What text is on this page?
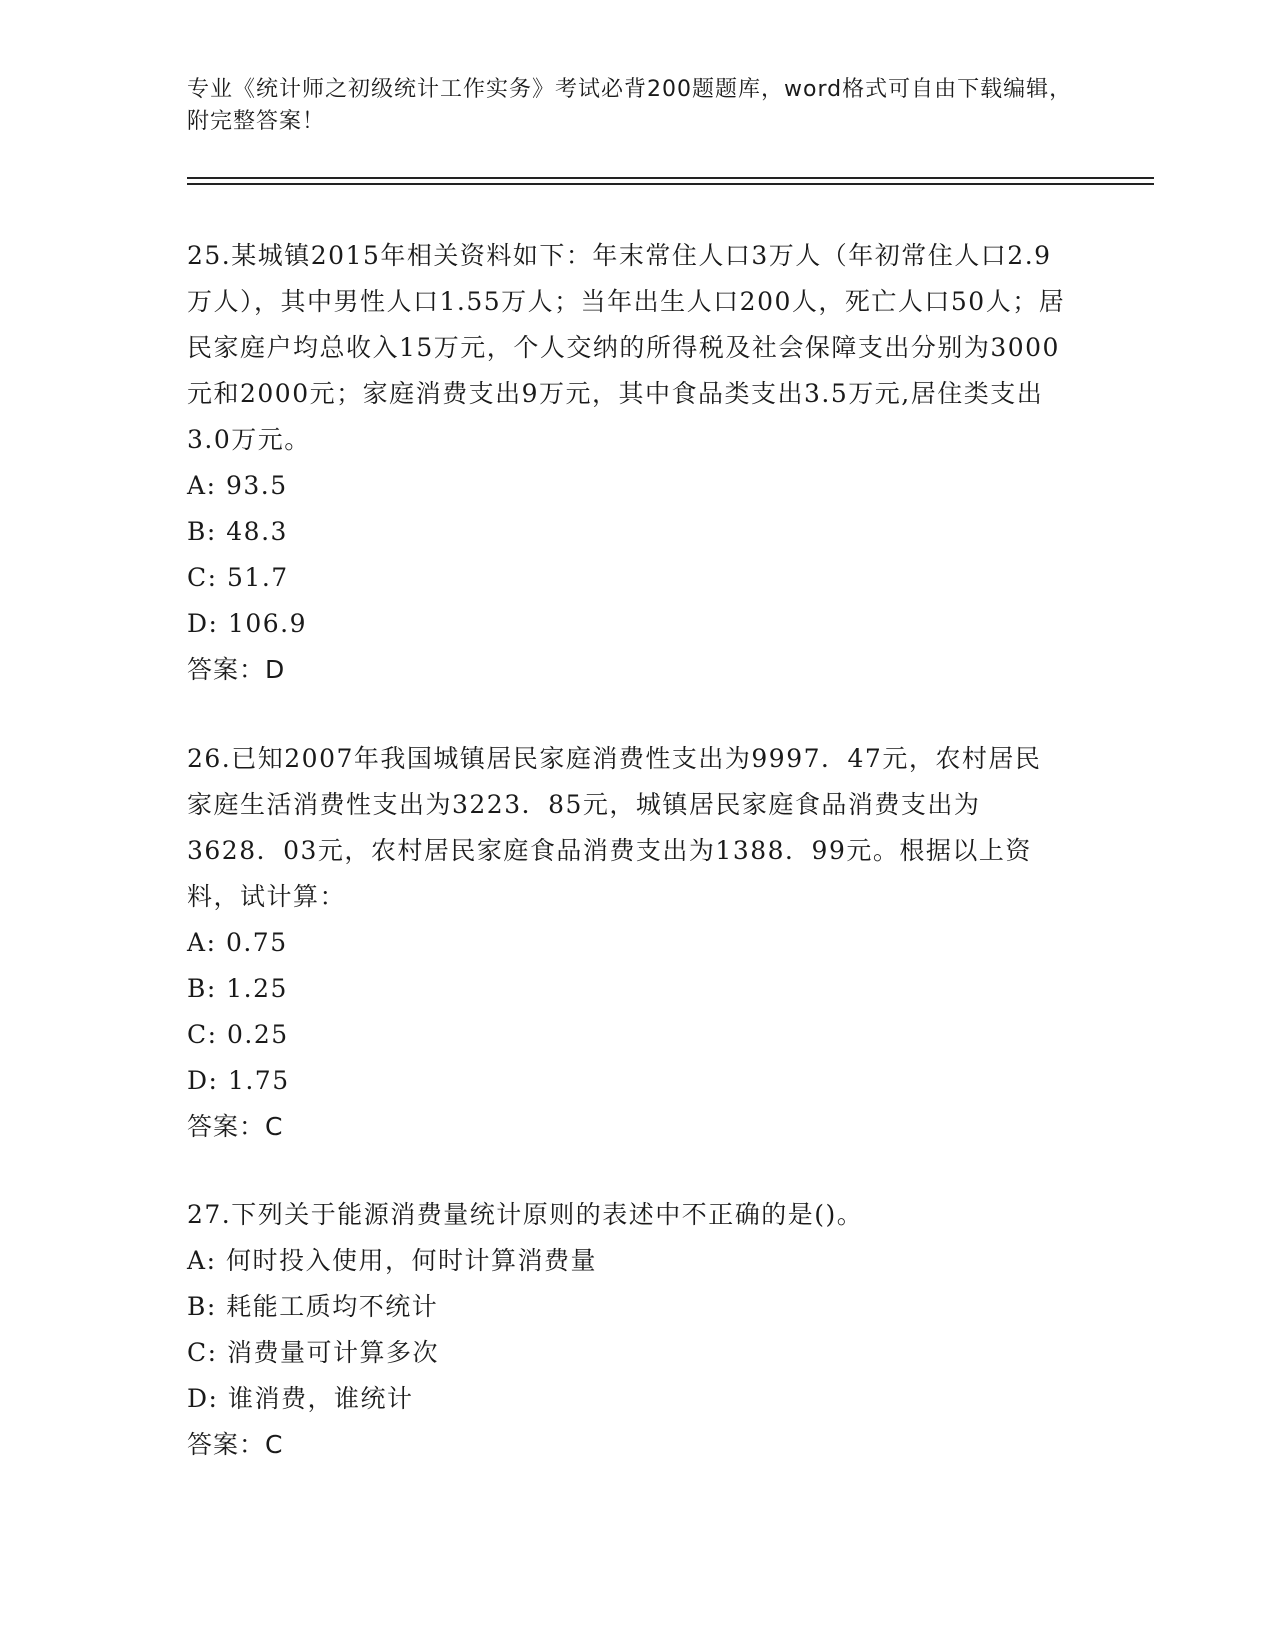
专业《统计师之初级统计工作实务》考试必背200题题库，word格式可自由下载编辑，附完整答案！
25.某城镇2015年相关资料如下：年末常住人口3万人（年初常住人口2.9万人），其中男性人口1.55万人；当年出生人口200人，死亡人口50人；居民家庭户均总收入15万元，个人交纳的所得税及社会保障支出分别为3000元和2000元；家庭消费支出9万元，其中食品类支出3.5万元,居住类支出3.0万元。
A: 93.5
B: 48.3
C: 51.7
D: 106.9
答案：D
26.已知2007年我国城镇居民家庭消费性支出为9997．47元，农村居民家庭生活消费性支出为3223．85元，城镇居民家庭食品消费支出为3628．03元，农村居民家庭食品消费支出为1388．99元。根据以上资料，试计算：
A: 0.75
B: 1.25
C: 0.25
D: 1.75
答案：C
27.下列关于能源消费量统计原则的表述中不正确的是()。
A: 何时投入使用，何时计算消费量
B: 耗能工质均不统计
C: 消费量可计算多次
D: 谁消费，谁统计
答案：C
